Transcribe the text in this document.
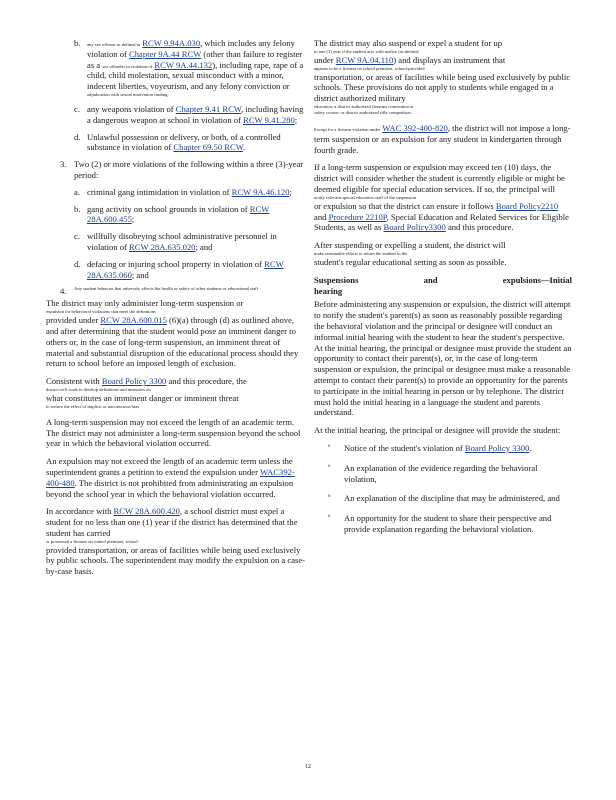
b. any sex offense as defined in RCW 9.94A.030, which includes any felony violation of Chapter 9A.44 RCW (other than failure to register as a sex offender in violation of RCW 9A.44.132), including rape, rape of a child, child molestation, sexual misconduct with a minor, indecent liberties, voyeurism, and any felony conviction or
adjudication with sexual motivation finding;
c. any weapons violation of Chapter 9.41 RCW, including having a dangerous weapon at school in violation of RCW 9.41.280;
d. Unlawful possession or delivery, or both, of a controlled substance in violation of Chapter 69.50 RCW.
3. Two (2) or more violations of the following within a three (3)-year period:
a. criminal gang intimidation in violation of RCW 9A.46.120;
b. gang activity on school grounds in violation of RCW 28A.600.455;
c. willfully disobeying school administrative personnel in violation of RCW 28A.635.020; and
d. defacing or injuring school property in violation of RCW 28A.635.060; and
4. Any student behavior that adversely affects the health or safety of other students or educational staff

The district may only administer long-term suspension or
expulsion for behavioral violations that meet the definitions
provided under RCW 28A.600.015 (6)(a) through (d) as outlined above, and after determining that the student would pose an imminent danger to others or, in the case of long-term suspension, an imminent threat of material and substantial disruption of the educational process should they return to school before an imposed length of exclusion.

Consistent with Board Policy 3300 and this procedure, the
district will work to develop definitions and measures on
what constitutes an imminent danger or imminent threat
to reduce the effect of implicit or unconscious bias.

A long-term suspension may not exceed the length of an academic term. The district may not administer a long-term suspension beyond the school year in which the behavioral violation occurred.

An expulsion may not exceed the length of an academic term unless the superintendent grants a petition to extend the expulsion under WAC392-400-480. The district is not prohibited from administrating an expulsion beyond the school year in which the behavioral violation occurred.

In accordance with RCW 28A.600.420, a school district must expel a student for no less than one (1) year if the district has determined that the student has carried
or possessed a firearm on school premises, school-
provided transportation, or areas of facilities while being used exclusively by public schools. The superintendent may modify the expulsion on a case-by-case basis.

The district may also suspend or expel a student for up
to one (1) year if the student acts with malice (as defined
under RCW 9A.04.110) and displays an instrument that
appears to be a firearm on school premises, school-provided
transportation, or areas of facilities while being used exclusively by public schools. These provisions do not apply to students while engaged in a district authorized military
education; a district authorized firearms convention or
safety course; or district authorized rifle competition.

Except for a firearm violation under WAC 392-400-820, the district will not impose a long-term suspension or an expulsion for any student in kindergarten through fourth grade.

If a long-term suspension or expulsion may exceed ten (10) days, the district will consider whether the student is currently eligible or might be deemed eligible for special education services. If so, the principal will
notify relevant special education staff of the suspension
or expulsion so that the district can ensure it follows Board Policy2210 and Procedure 2210P, Special Education and Related Services for Eligible Students, as well as Board Policy3300 and this procedure.

After suspending or expelling a student, the district will
make reasonable efforts to return the student to the
student's regular educational setting as soon as possible.

Suspensions	and	expulsions—Initial
hearing

Before administering any suspension or expulsion, the district will attempt to notify the student's parent(s) as soon as reasonably possible regarding the behavioral violation and the principal or designee will conduct an informal initial hearing with the student to hear the student's perspective. At the initial hearing, the principal or designee must provide the student an opportunity to contact their parent(s), or, in the case of long-term suspension or expulsion, the principal or designee must make a reasonable attempt to contact their parent(s) to provide an opportunity for the parents to participate in the initial hearing in person or by telephone. The district must hold the initial hearing in a language the student and parents understand.

At the initial hearing, the principal or designee will provide the student:

⁰ Notice of the student's violation of Board Policy 3300.
⁰ An explanation of the evidence regarding the behavioral violation,
⁰ An explanation of the discipline that may be administered, and
⁰ An opportunity for the student to share their perspective and provide explanation regarding the behavioral violation.
12
